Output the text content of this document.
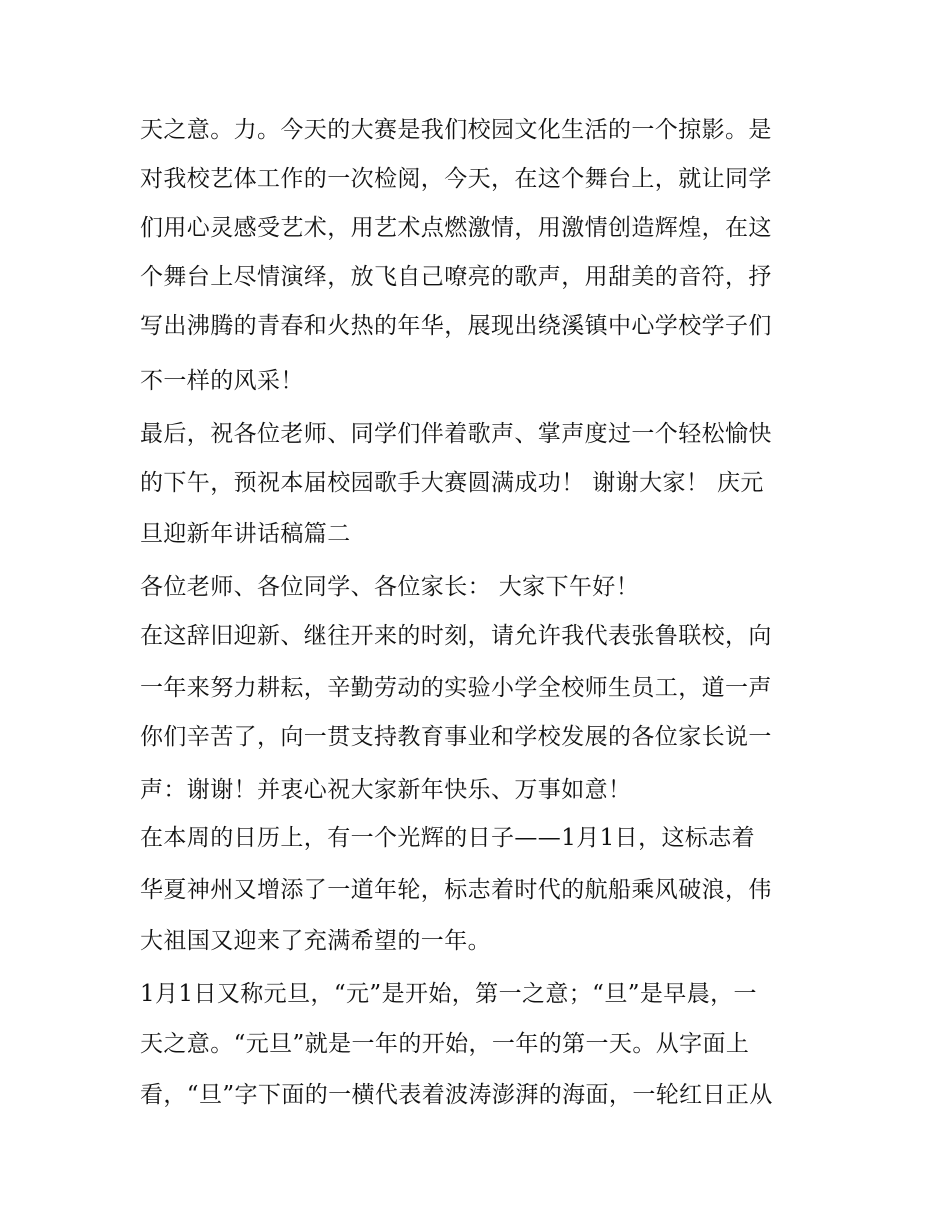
天之意。力。今天的大赛是我们校园文化生活的一个掠影。是

对我校艺体工作的一次检阅，今天，在这个舞台上，就让同学

们用心灵感受艺术，用艺术点燃激情，用激情创造辉煌，在这

个舞台上尽情演绎，放飞自己嘹亮的歌声，用甜美的音符，抒

写出沸腾的青春和火热的年华，展现出绕溪镇中心学校学子们

不一样的风采！

最后，祝各位老师、同学们伴着歌声、掌声度过一个轻松愉快

的下午，预祝本届校园歌手大赛圆满成功！ 谢谢大家！ 庆元

旦迎新年讲话稿篇二

各位老师、各位同学、各位家长： 大家下午好！

在这辞旧迎新、继往开来的时刻，请允许我代表张鲁联校，向

一年来努力耕耘，辛勤劳动的实验小学全校师生员工，道一声

你们辛苦了，向一贯支持教育事业和学校发展的各位家长说一

声：谢谢！并衷心祝大家新年快乐、万事如意！

在本周的日历上，有一个光辉的日子——1月1日，这标志着

华夏神州又增添了一道年轮，标志着时代的航船乘风破浪，伟

大祖国又迎来了充满希望的一年。

1月1日又称元旦，“元”是开始，第一之意；“旦”是早晨，一

天之意。“元旦”就是一年的开始，一年的第一天。从字面上

看，“旦”字下面的一横代表着波涛澎湃的海面，一轮红日正从
